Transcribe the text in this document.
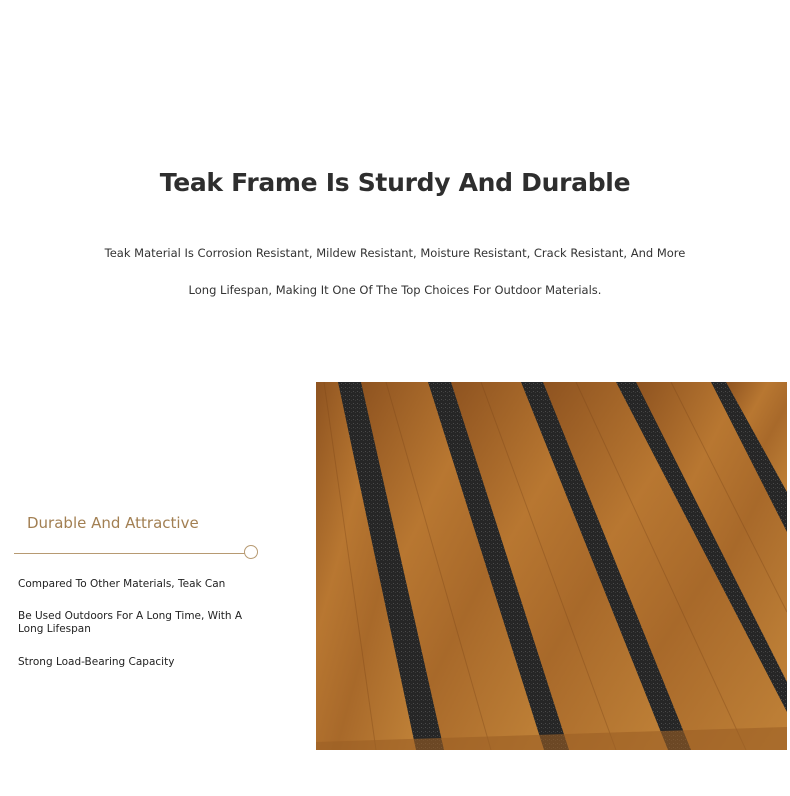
Teak Frame Is Sturdy And Durable
Teak Material Is Corrosion Resistant, Mildew Resistant, Moisture Resistant, Crack Resistant, And More
Long Lifespan, Making It One Of The Top Choices For Outdoor Materials.
Durable And Attractive
Compared To Other Materials, Teak Can
Be Used Outdoors For A Long Time, With A Long Lifespan
Strong Load-Bearing Capacity
